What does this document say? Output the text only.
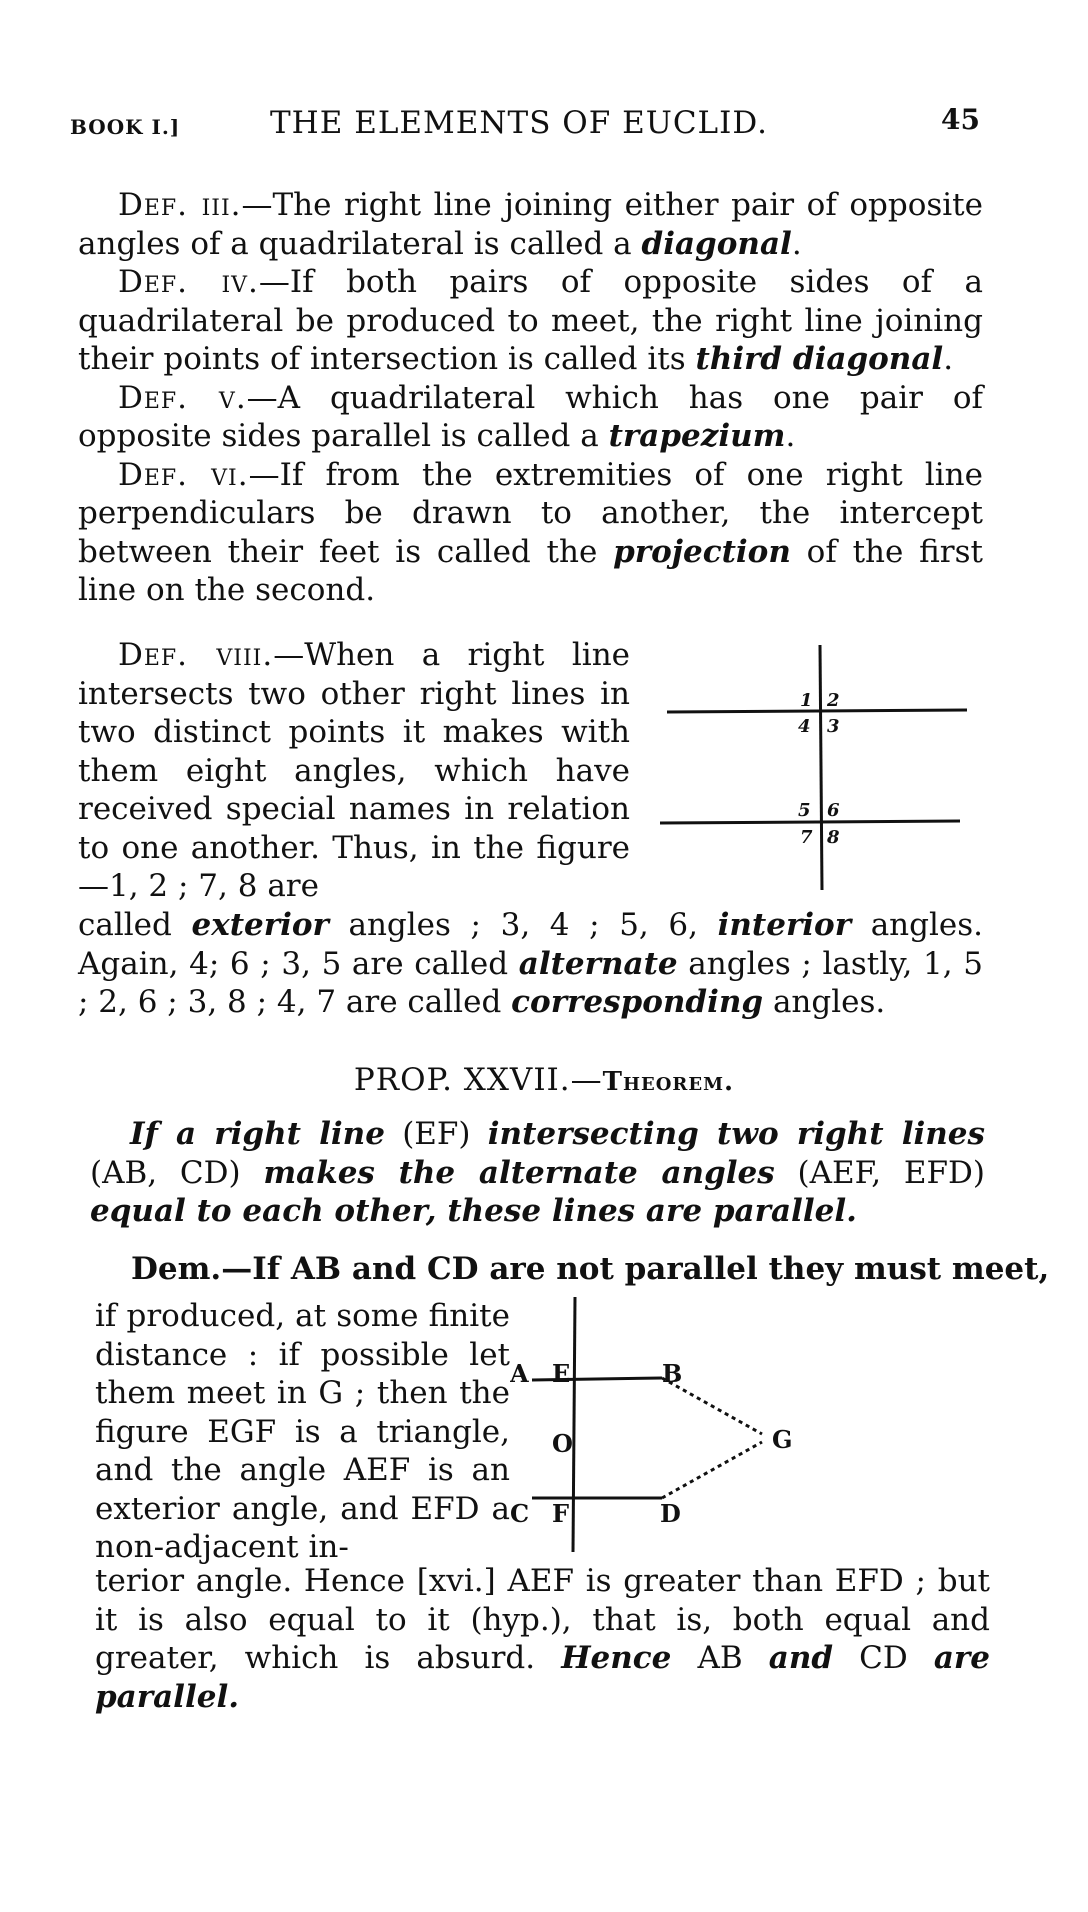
BOOK I.]	THE ELEMENTS OF EUCLID.	45

Def. iii.—The right line joining either pair of opposite angles of a quadrilateral is called a diagonal.

Def. iv.—If both pairs of opposite sides of a quadrilateral be produced to meet, the right line joining their points of intersection is called its third diagonal.

Def. v.—A quadrilateral which has one pair of opposite sides parallel is called a trapezium.

Def. vi.—If from the extremities of one right line perpendiculars be drawn to another, the intercept between their feet is called the projection of the first line on the second.

Def. viii.—When a right line intersects two other right lines in two distinct points it makes with them eight angles, which have received special names in relation to one another. Thus, in the figure—1, 2 ; 7, 8 are

1 2
4 3
5 6
7 8
called exterior angles ; 3, 4 ; 5, 6, interior angles. Again, 4; 6 ; 3, 5 are called alternate angles ; lastly, 1, 5 ; 2, 6 ; 3, 8 ; 4, 7 are called corresponding angles.
PROP. XXVII.—Theorem.

If a right line (EF) intersecting two right lines (AB, CD) makes the alternate angles (AEF, EFD) equal to each other, these lines are parallel.

Dem.—If AB and CD are not parallel they must meet,
if produced, at some finite distance : if possible let them meet in G ; then the figure EGF is a triangle, and the angle AEF is an exterior angle, and EFD a non-adjacent in-
A E	B
O	G
C F	D
terior angle. Hence [xvi.] AEF is greater than EFD ; but it is also equal to it (hyp.), that is, both equal and greater, which is absurd. Hence AB and CD are parallel.
